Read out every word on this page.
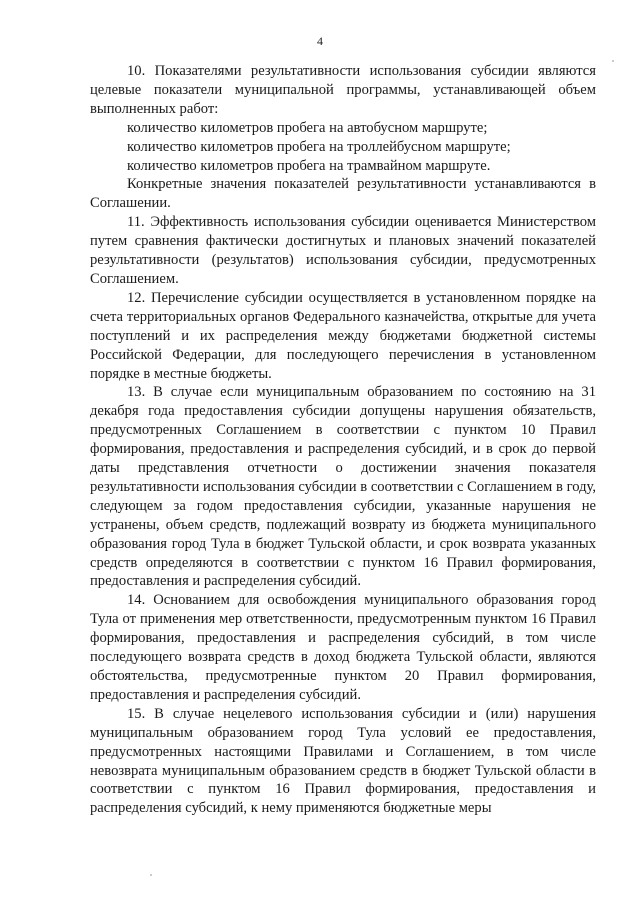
4

10. Показателями результативности использования субсидии являются целевые показатели муниципальной программы, устанавливающей объем выполненных работ:

количество километров пробега на автобусном маршруте;

количество километров пробега на троллейбусном маршруте;

количество километров пробега на трамвайном маршруте.

Конкретные значения показателей результативности устанавливаются в Соглашении.

11. Эффективность использования субсидии оценивается Министерством путем сравнения фактически достигнутых и плановых значений показателей результативности (результатов) использования субсидии, предусмотренных Соглашением.

12. Перечисление субсидии осуществляется в установленном порядке на счета территориальных органов Федерального казначейства, открытые для учета поступлений и их распределения между бюджетами бюджетной системы Российской Федерации, для последующего перечисления в установленном порядке в местные бюджеты.

13. В случае если муниципальным образованием по состоянию на 31 декабря года предоставления субсидии допущены нарушения обязательств, предусмотренных Соглашением в соответствии с пунктом 10 Правил формирования, предоставления и распределения субсидий, и в срок до первой даты представления отчетности о достижении значения показателя результативности использования субсидии в соответствии с Соглашением в году, следующем за годом предоставления субсидии, указанные нарушения не устранены, объем средств, подлежащий возврату из бюджета муниципального образования город Тула в бюджет Тульской области, и срок возврата указанных средств определяются в соответствии с пунктом 16 Правил формирования, предоставления и распределения субсидий.

14. Основанием для освобождения муниципального образования город Тула от применения мер ответственности, предусмотренным пунктом 16 Правил формирования, предоставления и распределения субсидий, в том числе последующего возврата средств в доход бюджета Тульской области, являются обстоятельства, предусмотренные пунктом 20 Правил формирования, предоставления и распределения субсидий.

15. В случае нецелевого использования субсидии и (или) нарушения муниципальным образованием город Тула условий ее предоставления, предусмотренных настоящими Правилами и Соглашением, в том числе невозврата муниципальным образованием средств в бюджет Тульской области в соответствии с пунктом 16 Правил формирования, предоставления и распределения субсидий, к нему применяются бюджетные меры
